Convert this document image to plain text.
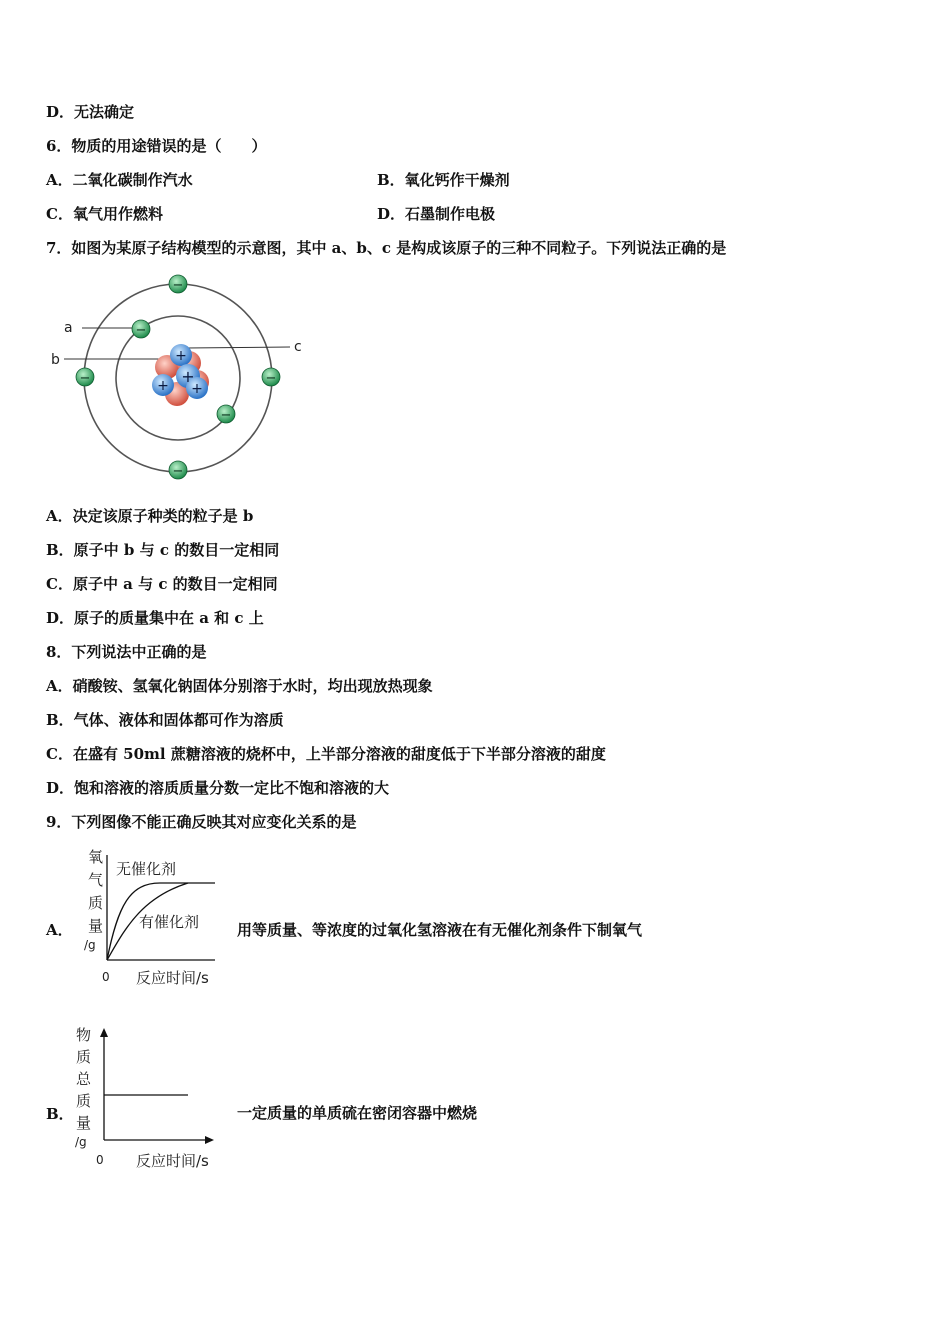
D．无法确定
6．物质的用途错误的是（　　）
A．二氧化碳制作汽水	B．氧化钙作干燥剂
C．氧气用作燃料	D．石墨制作电极
7．如图为某原子结构模型的示意图，其中 a、b、c 是构成该原子的三种不同粒子。下列说法正确的是
a
b
c
+
+ +
+
−
−
−	−
−
−
A．决定该原子种类的粒子是 b
B．原子中 b 与 c 的数目一定相同
C．原子中 a 与 c 的数目一定相同
D．原子的质量集中在 a 和 c 上
8．下列说法中正确的是
A．硝酸铵、氢氧化钠固体分别溶于水时，均出现放热现象
B．气体、液体和固体都可作为溶质
C．在盛有 50ml 蔗糖溶液的烧杯中，上半部分溶液的甜度低于下半部分溶液的甜度
D．饱和溶液的溶质质量分数一定比不饱和溶液的大
9．下列图像不能正确反映其对应变化关系的是
A．
氧
气
质
量
/g
无催化剂
有催化剂
0 反应时间/s
用等质量、等浓度的过氧化氢溶液在有无催化剂条件下制氧气
B．
物
质
总
质
量
/g
0 反应时间/s
一定质量的单质硫在密闭容器中燃烧
